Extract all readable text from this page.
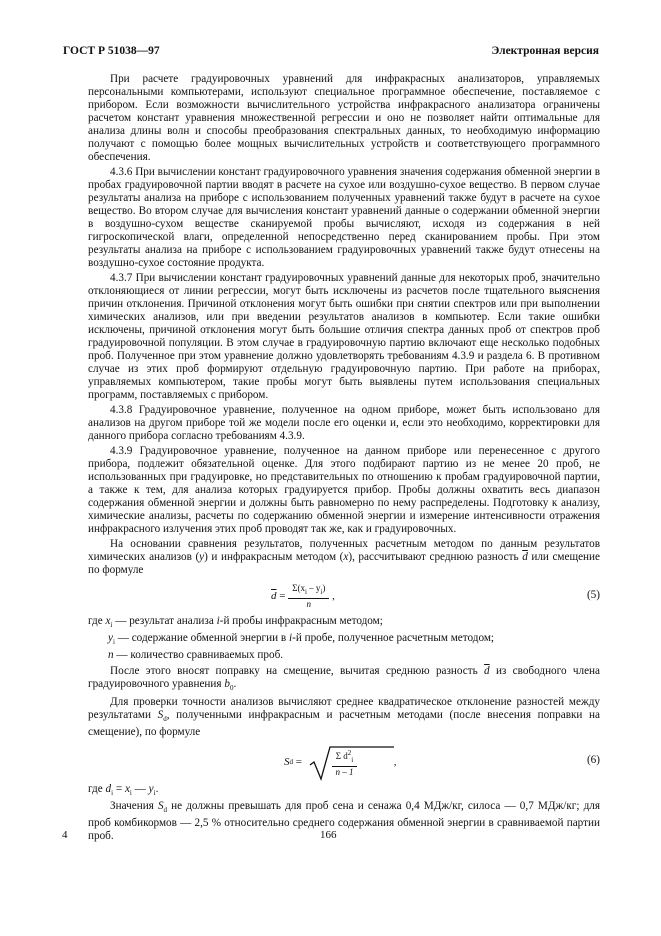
ГОСТ Р 51038—97	Электронная версия

При расчете градуировочных уравнений для инфракрасных анализаторов, управляемых персональными компьютерами, используют специальное программное обеспечение, поставляемое с прибором. Если возможности вычислительного устройства инфракрасного анализатора ограничены расчетом констант уравнения множественной регрессии и оно не позволяет найти оптимальные для анализа длины волн и способы преобразования спектральных данных, то необходимую информацию получают с помощью более мощных вычислительных устройств и соответствующего программного обеспечения.

4.3.6 При вычислении констант градуировочного уравнения значения содержания обменной энергии в пробах градуировочной партии вводят в расчете на сухое или воздушно-сухое вещество. В первом случае результаты анализа на приборе с использованием полученных уравнений также будут в расчете на сухое вещество. Во втором случае для вычисления констант уравнений данные о содержании обменной энергии в воздушно-сухом веществе сканируемой пробы вычисляют, исходя из содержания в ней гигроскопической влаги, определенной непосредственно перед сканированием пробы. При этом результаты анализа на приборе с использованием градуировочных уравнений также будут отнесены на воздушно-сухое состояние продукта.

4.3.7 При вычислении констант градуировочных уравнений данные для некоторых проб, значительно отклоняющиеся от линии регрессии, могут быть исключены из расчетов после тщательного выяснения причин отклонения. Причиной отклонения могут быть ошибки при снятии спектров или при выполнении химических анализов, или при введении результатов анализов в компьютер. Если такие ошибки исключены, причиной отклонения могут быть большие отличия спектра данных проб от спектров проб градуировочной популяции. В этом случае в градуировочную партию включают еще несколько подобных проб. Полученное при этом уравнение должно удовлетворять требованиям 4.3.9 и раздела 6. В противном случае из этих проб формируют отдельную градуировочную партию. При работе на приборах, управляемых компьютером, такие пробы могут быть выявлены путем использования специальных программ, поставляемых с прибором.

4.3.8 Градуировочное уравнение, полученное на одном приборе, может быть использовано для анализов на другом приборе той же модели после его оценки и, если это необходимо, корректировки для данного прибора согласно требованиям 4.3.9.

4.3.9 Градуировочное уравнение, полученное на данном приборе или перенесенное с другого прибора, подлежит обязательной оценке. Для этого подбирают партию из не менее 20 проб, не использованных при градуировке, но представительных по отношению к пробам градуировочной партии, а также к тем, для анализа которых градуируется прибор. Пробы должны охватить весь диапазон содержания обменной энергии и должны быть равномерно по нему распределены. Подготовку к анализу, химические анализы, расчеты по содержанию обменной энергии и измерение интенсивности отражения инфракрасного излучения этих проб проводят так же, как и градуировочных.

На основании сравнения результатов, полученных расчетным методом по данным результатов химических анализов (y) и инфракрасным методом (x), рассчитывают среднюю разность $\overline{d}$ или смещение по формуле

$\overline{d} = \frac{\Sigma(x_i - y_i)}{n}$ ,	(5)
где $x_i$ — результат анализа i-й пробы инфракрасным методом;
$y_i$ — содержание обменной энергии в i-й пробе, полученное расчетным методом;
n — количество сравниваемых проб.

После этого вносят поправку на смещение, вычитая среднюю разность $\overline{d}$ из свободного члена градуировочного уравнения $b_0$.

Для проверки точности анализов вычисляют среднее квадратическое отклонение разностей между результатами $S_d$, полученными инфракрасным и расчетным методами (после внесения поправки на смещение), по формуле

S d =	$\frac{\Sigma d^2_i}{n - 1}$	,	(6)
где $d_i = x_i$ — $y_i$.

Значения $S_d$ не должны превышать для проб сена и сенажа 0,4 МДж/кг, силоса — 0,7 МДж/кг; для проб комбикормов — 2,5 % относительно среднего содержания обменной энергии в сравниваемой партии проб.

4	166
